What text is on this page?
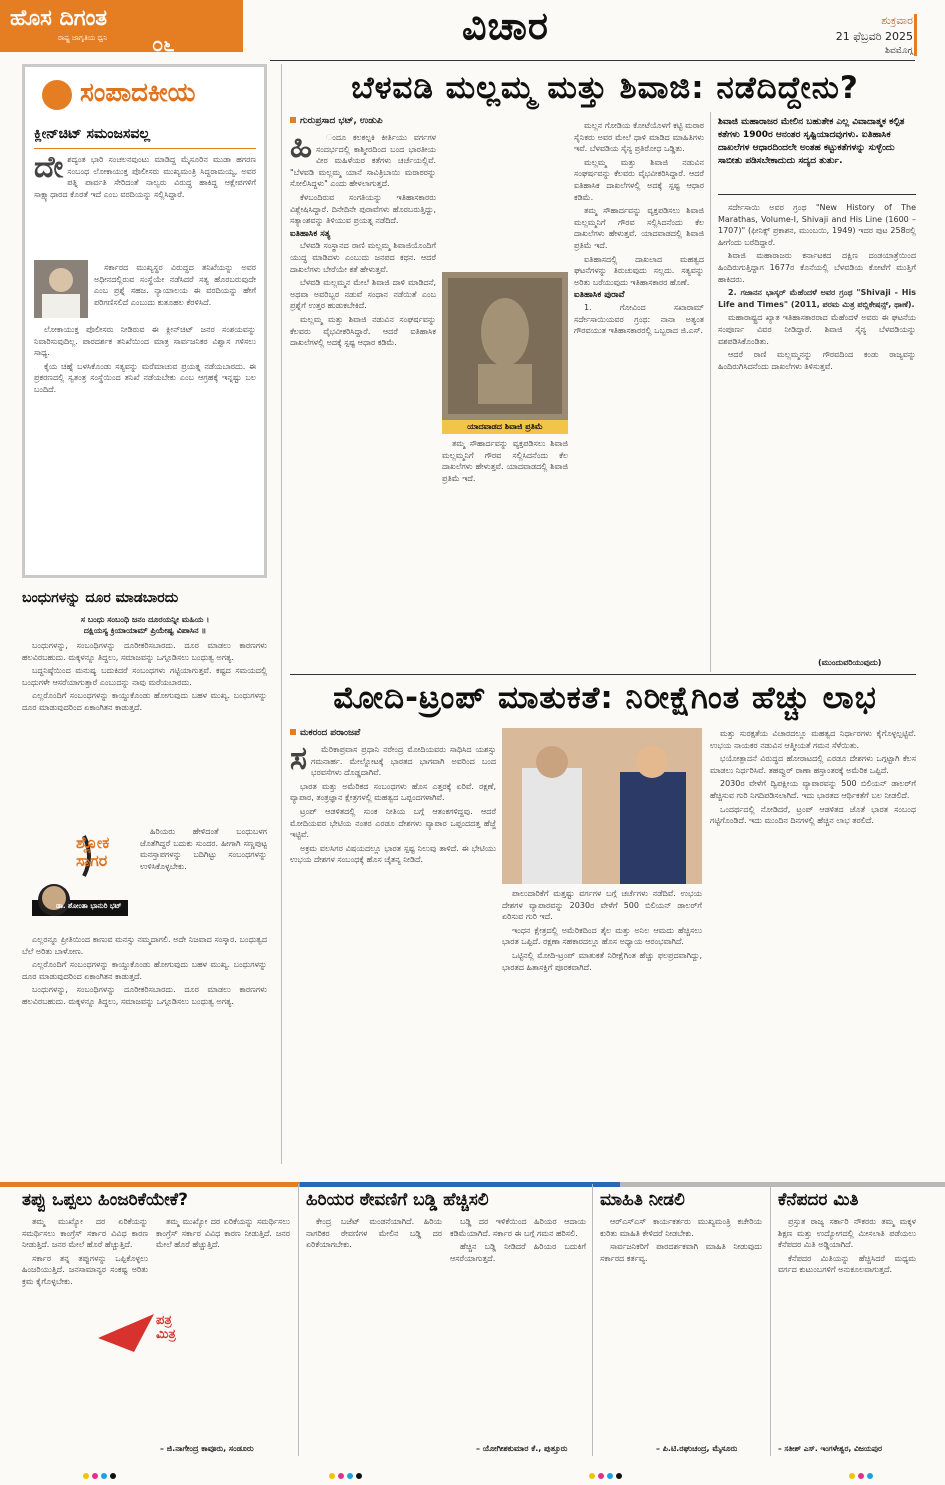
ಹೊಸ ದಿಗಂತ
ರಾಷ್ಟ್ರ ಜಾಗೃತಿಯ ಧ್ವನಿ ೦೬	ವಿಚಾರ	ಶುಕ್ರವಾರ
21 ಫೆಬ್ರವರಿ 2025
ಶಿವಮೊಗ್ಗ
ಸಂಪಾದಕೀಯ
ಕ್ಲೀನ್‌ಚಿಟ್ ಸಮಂಜಸವಲ್ಲ
ದೇ ಶದ್ಯಂತ ಭಾರಿ ಸಂಚಲನವುಂಟು ಮಾಡಿದ್ದ ಮೈಸೂರಿನ ಮುಡಾ ಹಗರಣ ಸಂಬಂಧ ಲೋಕಾಯುಕ್ತ ಪೊಲೀಸರು ಮುಖ್ಯಮಂತ್ರಿ ಸಿದ್ದರಾಮಯ್ಯ, ಅವರ ಪತ್ನಿ ಪಾರ್ವತಿ ಸೇರಿದಂತೆ ನಾಲ್ವರು ವಿರುದ್ಧ ಹಾಕಿದ್ದ ಆಕ್ಷೇಪಗಳಿಗೆ ಸಾಕ್ಷ್ಯಾಧಾರದ ಕೊರತೆ ಇದೆ ಎಂಬ ವರದಿಯನ್ನು ಸಲ್ಲಿಸಿದ್ದಾರೆ.

ಸರ್ಕಾರದ ಮುಖ್ಯಸ್ಥರ ವಿರುದ್ಧದ ತನಿಖೆಯನ್ನು ಅವರ ಅಧೀನದಲ್ಲಿರುವ ಸಂಸ್ಥೆಯೇ ನಡೆಸಿದರೆ ಸತ್ಯ ಹೊರಬರುವುದೇ ಎಂಬ ಪ್ರಶ್ನೆ ಸಹಜ. ನ್ಯಾಯಾಲಯ ಈ ವರದಿಯನ್ನು ಹೇಗೆ ಪರಿಗಣಿಸಲಿದೆ ಎಂಬುದು ಕುತೂಹಲ ಕೆರಳಿಸಿದೆ.

ಲೋಕಾಯುಕ್ತ ಪೊಲೀಸರು ನೀಡಿರುವ ಈ ಕ್ಲೀನ್‌ಚಿಟ್ ಜನರ ಸಂಶಯವನ್ನು ನಿವಾರಿಸುವುದಿಲ್ಲ. ಪಾರದರ್ಶಕ ತನಿಖೆಯಿಂದ ಮಾತ್ರ ಸಾರ್ವಜನಿಕರ ವಿಶ್ವಾಸ ಗಳಿಸಲು ಸಾಧ್ಯ.

ಕೈಯ ಚಿಹ್ನೆ ಬಳಸಿಕೊಂಡು ಸತ್ಯವನ್ನು ಮರೆಮಾಚುವ ಪ್ರಯತ್ನ ನಡೆಯಬಾರದು. ಈ ಪ್ರಕರಣದಲ್ಲಿ ಸ್ವತಂತ್ರ ಸಂಸ್ಥೆಯಿಂದ ತನಿಖೆ ನಡೆಯಬೇಕು ಎಂಬ ಆಗ್ರಹಕ್ಕೆ ಇನ್ನಷ್ಟು ಬಲ ಬಂದಿದೆ.

ಬಂಧುಗಳನ್ನು ದೂರ ಮಾಡಬಾರದು
ಸ ಬಂಧು ಸಂಬಂಧಿ ಜನಂ ದೂರಯನ್ನೀ ಮಹಿಯ ।
ದಕ್ಷಿಯಸ್ಯ ಕ್ರಿಯಾಯಾಮ್ ಪ್ರಿಯೇಷ್ವ ವಿಪಾಸಿನ ॥

ಬಂಧುಗಳನ್ನು, ಸಂಬಂಧಿಗಳನ್ನು ದೂರೀಕರಿಸಬಾರದು. ದೂರ ಮಾಡಲು ಕಾರಣಗಳು ಹಲವಿರಬಹುದು. ಮಕ್ಕಳನ್ನೂ ತಿದ್ದಲು, ಸಮಾಜವನ್ನು ಒಗ್ಗೂಡಿಸಲು ಬಂಧುತ್ವ ಅಗತ್ಯ.

ಬದ್ಧನಿಷ್ಠೆಯಿಂದ ಮನುಷ್ಯ ಬದುಕಿದರೆ ಸಂಬಂಧಗಳು ಗಟ್ಟಿಯಾಗುತ್ತವೆ. ಕಷ್ಟದ ಸಮಯದಲ್ಲಿ ಬಂಧುಗಳೇ ಆಸರೆಯಾಗುತ್ತಾರೆ ಎಂಬುದನ್ನು ನಾವು ಮರೆಯಬಾರದು.

ಎಲ್ಲರೊಂದಿಗೆ ಸಂಬಂಧಗಳನ್ನು ಕಾಯ್ದುಕೊಂಡು ಹೋಗುವುದು ಬಹಳ ಮುಖ್ಯ. ಬಂಧುಗಳನ್ನು ದೂರ ಮಾಡುವುದರಿಂದ ಏಕಾಂಗಿತನ ಕಾಡುತ್ತದೆ.

ಶ್ಲೋಕ ಸಾಗರ
ಡಾ. ಶೋಂತಾ ಭಾನುರಿ ಭಟ್

ಹಿರಿಯರು ಹೇಳಿದಂತೆ ಬಂಧುಬಳಗ ಜೊತೆಗಿದ್ದರೆ ಬದುಕು ಸುಂದರ. ಹೀಗಾಗಿ ಸಣ್ಣಪುಟ್ಟ ಮನಸ್ತಾಪಗಳನ್ನು ಬದಿಗಿಟ್ಟು ಸಂಬಂಧಗಳನ್ನು ಉಳಿಸಿಕೊಳ್ಳಬೇಕು.

ಎಲ್ಲರನ್ನೂ ಪ್ರೀತಿಯಿಂದ ಕಾಣುವ ಮನಸ್ಸು ನಮ್ಮದಾಗಲಿ. ಅದೇ ನಿಜವಾದ ಸಂಸ್ಕಾರ. ಬಂಧುತ್ವದ ಬೆಲೆ ಅರಿತು ಬಾಳೋಣ.

ಎಲ್ಲರೊಂದಿಗೆ ಸಂಬಂಧಗಳನ್ನು ಕಾಯ್ದುಕೊಂಡು ಹೋಗುವುದು ಬಹಳ ಮುಖ್ಯ. ಬಂಧುಗಳನ್ನು ದೂರ ಮಾಡುವುದರಿಂದ ಏಕಾಂಗಿತನ ಕಾಡುತ್ತದೆ.

ಬಂಧುಗಳನ್ನು, ಸಂಬಂಧಿಗಳನ್ನು ದೂರೀಕರಿಸಬಾರದು. ದೂರ ಮಾಡಲು ಕಾರಣಗಳು ಹಲವಿರಬಹುದು. ಮಕ್ಕಳನ್ನೂ ತಿದ್ದಲು, ಸಮಾಜವನ್ನು ಒಗ್ಗೂಡಿಸಲು ಬಂಧುತ್ವ ಅಗತ್ಯ.

ಬೆಳವಡಿ ಮಲ್ಲಮ್ಮ ಮತ್ತು ಶಿವಾಜಿ: ನಡೆದಿದ್ದೇನು?
ಗುರುಪ್ರಸಾದ ಭಟ್, ಉಡುಪಿ
ಹಿ	ಂದೂ ಕಲಕಲ್ಪಕಿ ಕೀರ್ತಿಯು ವರ್ಗಗಳ ಸಂದರ್ಭದಲ್ಲಿ ಕಾಶ್ಮೀರದಿಂದ ಬಂದ ಭಾರತೀಯ ವೀರ ಮಹಿಳೆಯರ ಕತೆಗಳು ಚರ್ಚೆಯಲ್ಲಿವೆ. "ಬೆಳವಡಿ ಮಲ್ಲಮ್ಮ ಯಾನೆ ಸಾವಿತ್ರಿಬಾಯಿ ಮರಾಠರನ್ನು ಸೋಲಿಸಿದ್ದಳು" ಎಂದು ಹೇಳಲಾಗುತ್ತದೆ.

ಕೆಳಬಂದಿರುವ ಸಂಗತಿಯನ್ನು ಇತಿಹಾಸಕಾರರು ವಿಶ್ಲೇಷಿಸಿದ್ದಾರೆ. ದಿನೇದಿನೇ ಪುರಾವೆಗಳು ಹೊರಬರುತ್ತಿದ್ದು, ಸತ್ಯಾಂಶವನ್ನು ತಿಳಿಯುವ ಪ್ರಯತ್ನ ನಡೆದಿದೆ.

ಐತಿಹಾಸಿಕ ಸತ್ಯ

ಬೆಳವಡಿ ಸಂಸ್ಥಾನದ ರಾಣಿ ಮಲ್ಲಮ್ಮ ಶಿವಾಜಿಯೊಂದಿಗೆ ಯುದ್ಧ ಮಾಡಿದಳು ಎಂಬುದು ಜನಪದ ಕಥನ. ಆದರೆ ದಾಖಲೆಗಳು ಬೇರೆಯೇ ಕತೆ ಹೇಳುತ್ತವೆ.

ಬೆಳವಡಿ ಮಲ್ಲಮ್ಮನ ಮೇಲೆ ಶಿವಾಜಿ ದಾಳಿ ಮಾಡಿದನೆ, ಅಥವಾ ಅವರಿಬ್ಬರ ನಡುವೆ ಸಂಧಾನ ನಡೆಯಿತೆ ಎಂಬ ಪ್ರಶ್ನೆಗೆ ಉತ್ತರ ಹುಡುಕಬೇಕಿದೆ.

ಮಲ್ಲಮ್ಮ ಮತ್ತು ಶಿವಾಜಿ ನಡುವಿನ ಸಂಘರ್ಷವನ್ನು ಕೆಲವರು ವೈಭವೀಕರಿಸಿದ್ದಾರೆ. ಆದರೆ ಐತಿಹಾಸಿಕ ದಾಖಲೆಗಳಲ್ಲಿ ಅದಕ್ಕೆ ಸ್ಪಷ್ಟ ಆಧಾರ ಕಡಿಮೆ.

ಯಾದವಾಡದ ಶಿವಾಜಿ ಪ್ರತಿಮೆ

ತಮ್ಮ ಸೌಹಾರ್ದವನ್ನು ವ್ಯಕ್ತಪಡಿಸಲು ಶಿವಾಜಿ ಮಲ್ಲಮ್ಮನಿಗೆ ಗೌರವ ಸಲ್ಲಿಸಿದನೆಂದು ಕೆಲ ದಾಖಲೆಗಳು ಹೇಳುತ್ತವೆ. ಯಾದವಾಡದಲ್ಲಿ ಶಿವಾಜಿ ಪ್ರತಿಮೆ ಇದೆ.

ಮಲ್ಲನ ಗೋಡಿಯ ಕೋಟೆಯೊಳಗೆ ಕಟ್ಟಿ ಮರಾಠ ಸೈನಿಕರು ಅವರ ಮೇಲೆ ಧಾಳಿ ಮಾಡಿದ ಮಾಹಿತಿಗಳು ಇವೆ. ಬೆಳವಡಿಯ ಸೈನ್ಯ ಪ್ರತಿರೋಧ ಒಡ್ಡಿತು.

ಮಲ್ಲಮ್ಮ ಮತ್ತು ಶಿವಾಜಿ ನಡುವಿನ ಸಂಘರ್ಷವನ್ನು ಕೆಲವರು ವೈಭವೀಕರಿಸಿದ್ದಾರೆ. ಆದರೆ ಐತಿಹಾಸಿಕ ದಾಖಲೆಗಳಲ್ಲಿ ಅದಕ್ಕೆ ಸ್ಪಷ್ಟ ಆಧಾರ ಕಡಿಮೆ.

ತಮ್ಮ ಸೌಹಾರ್ದವನ್ನು ವ್ಯಕ್ತಪಡಿಸಲು ಶಿವಾಜಿ ಮಲ್ಲಮ್ಮನಿಗೆ ಗೌರವ ಸಲ್ಲಿಸಿದನೆಂದು ಕೆಲ ದಾಖಲೆಗಳು ಹೇಳುತ್ತವೆ. ಯಾದವಾಡದಲ್ಲಿ ಶಿವಾಜಿ ಪ್ರತಿಮೆ ಇದೆ.

ಐತಿಹಾಸದಲ್ಲಿ ದಾಖಲಾದ ಮಹತ್ವದ ಘಟನೆಗಳನ್ನು ತಿರುಚುವುದು ಸಲ್ಲದು. ಸತ್ಯವನ್ನು ಅರಿತು ಬರೆಯುವುದು ಇತಿಹಾಸಕಾರರ ಹೊಣೆ.

ಐತಿಹಾಸಿಕ ಪುರಾವೆ

1. ಗೋವಿಂದ ಸಖಾರಾಮ್ ಸರ್ದೇಸಾಯಿಯವರ ಗ್ರಂಥ: ನಾನಾ ಅತ್ಯಂತ ಗೌರವಯುತ ಇತಿಹಾಸಕಾರರಲ್ಲಿ ಒಬ್ಬರಾದ ಜಿ.ಎಸ್.

ಶಿವಾಜಿ ಮಹಾರಾಜರ ಮೇಲಿನ ಬಹುತೇಕ ಎಲ್ಲ ವಿವಾದಾತ್ಮಕ ಕಲ್ಪಿತ ಕತೆಗಳು 1900ರ ಆನಂತರ ಸೃಷ್ಟಿಯಾದವುಗಳು. ಐತಿಹಾಸಿಕ ದಾಖಲೆಗಳ ಆಧಾರದಿಂದಲೇ ಅಂತಹ ಕಟ್ಟುಕತೆಗಳನ್ನು ಸುಳ್ಳೆಂದು ಸಾಬೀತು ಪಡಿಸಬೇಕಾದುದು ಸದ್ಯದ ತುರ್ತು.

ಸರ್ದೇಸಾಯಿ ಅವರ ಗ್ರಂಥ "New History of The Marathas, Volume-I, Shivaji and His Line (1600 – 1707)" (ಫೀನಿಕ್ಸ್ ಪ್ರಕಾಶನ, ಮುಂಬಯಿ, 1949) ಇದರ ಪುಟ 258ರಲ್ಲಿ ಹೀಗೆಂದು ಬರೆದಿದ್ದಾರೆ.

ಶಿವಾಜಿ ಮಹಾರಾಜರು ಕರ್ನಾಟಕದ ದಕ್ಷಿಣ ದಂಡಯಾತ್ರೆಯಿಂದ ಹಿಂದಿರುಗುತ್ತಿದ್ದಾಗ 1677ರ ಕೊನೆಯಲ್ಲಿ ಬೆಳವಡಿಯ ಕೋಟೆಗೆ ಮುತ್ತಿಗೆ ಹಾಕಿದರು.

2. ಗಜಾನನ ಭಾಸ್ಕರ್ ಮೆಹೆಂದಳೆ ಅವರ ಗ್ರಂಥ "Shivaji - His Life and Times" (2011, ಪರಮ ಮಿತ್ರ ಪಬ್ಲಿಕೇಷನ್ಸ್, ಥಾಣೆ).

ಮಹಾರಾಷ್ಟ್ರದ ಖ್ಯಾತ ಇತಿಹಾಸಕಾರರಾದ ಮೆಹೆಂದಳೆ ಅವರು ಈ ಘಟನೆಯ ಸಂಪೂರ್ಣ ವಿವರ ನೀಡಿದ್ದಾರೆ. ಶಿವಾಜಿ ಸೈನ್ಯ ಬೆಳವಡಿಯನ್ನು ವಶಪಡಿಸಿಕೊಂಡಿತು.

ಆದರೆ ರಾಣಿ ಮಲ್ಲಮ್ಮನನ್ನು ಗೌರವದಿಂದ ಕಂಡು ರಾಜ್ಯವನ್ನು ಹಿಂದಿರುಗಿಸಿದನೆಂದು ದಾಖಲೆಗಳು ತಿಳಿಸುತ್ತವೆ.

(ಮುಂದುವರಿಯುವುದು)
ಮೋದಿ-ಟ್ರಂಪ್ ಮಾತುಕತೆ: ನಿರೀಕ್ಷೆಗಿಂತ ಹೆಚ್ಚು ಲಾಭ
ಮಕರಂದ ಪರಾಂಜಪೆ
ಸ	ಮೆರಿಕಾಪ್ರವಾಸ ಪ್ರಧಾನಿ ನರೇಂದ್ರ ಮೋದಿಯವರು ಸಾಧಿಸಿದ ಯಶಸ್ಸು ಗಮನಾರ್ಹ. ಮೇಲ್ನೋಟಕ್ಕೆ ಭಾರತದ ಭಾಗವಾಗಿ ಅವರಿಂದ ಬಂದ ಭರವಸೆಗಳು ದೊಡ್ಡದಾಗಿವೆ.

ಭಾರತ ಮತ್ತು ಅಮೆರಿಕದ ಸಂಬಂಧಗಳು ಹೊಸ ಎತ್ತರಕ್ಕೆ ಏರಿವೆ. ರಕ್ಷಣೆ, ವ್ಯಾಪಾರ, ತಂತ್ರಜ್ಞಾನ ಕ್ಷೇತ್ರಗಳಲ್ಲಿ ಮಹತ್ವದ ಒಪ್ಪಂದಗಳಾಗಿವೆ.

ಟ್ರಂಪ್ ಆಡಳಿತದಲ್ಲಿ ಸುಂಕ ನೀತಿಯ ಬಗ್ಗೆ ಆತಂಕಗಳಿದ್ದವು. ಆದರೆ ಮೋದಿಯವರ ಭೇಟಿಯ ನಂತರ ಎರಡೂ ದೇಶಗಳು ವ್ಯಾಪಾರ ಒಪ್ಪಂದದತ್ತ ಹೆಜ್ಜೆ ಇಟ್ಟಿವೆ.

ಅಕ್ರಮ ವಲಸಿಗರ ವಿಷಯದಲ್ಲೂ ಭಾರತ ಸ್ಪಷ್ಟ ನಿಲುವು ತಾಳಿದೆ. ಈ ಭೇಟಿಯು ಉಭಯ ದೇಶಗಳ ಸಂಬಂಧಕ್ಕೆ ಹೊಸ ಚೈತನ್ಯ ನೀಡಿದೆ.

ಪಾಲುದಾರಿಕೆಗೆ ಮತ್ತಷ್ಟು ವರ್ಗಗಳ ಬಗ್ಗೆ ಚರ್ಚೆಗಳು ನಡೆದಿವೆ. ಉಭಯ ದೇಶಗಳ ವ್ಯಾಪಾರವನ್ನು 2030ರ ವೇಳೆಗೆ 500 ಬಿಲಿಯನ್ ಡಾಲರ್‌ಗೆ ಏರಿಸುವ ಗುರಿ ಇದೆ.

ಇಂಧನ ಕ್ಷೇತ್ರದಲ್ಲಿ ಅಮೆರಿಕದಿಂದ ತೈಲ ಮತ್ತು ಅನಿಲ ಆಮದು ಹೆಚ್ಚಿಸಲು ಭಾರತ ಒಪ್ಪಿದೆ. ರಕ್ಷಣಾ ಸಹಕಾರದಲ್ಲೂ ಹೊಸ ಅಧ್ಯಾಯ ಆರಂಭವಾಗಿದೆ.

ಒಟ್ಟಿನಲ್ಲಿ ಮೋದಿ-ಟ್ರಂಪ್ ಮಾತುಕತೆ ನಿರೀಕ್ಷೆಗಿಂತ ಹೆಚ್ಚು ಫಲಪ್ರದವಾಗಿದ್ದು, ಭಾರತದ ಹಿತಾಸಕ್ತಿಗೆ ಪೂರಕವಾಗಿದೆ.

ಮತ್ತು ಸುರಕ್ಷತೆಯ ವಿಚಾರದಲ್ಲೂ ಮಹತ್ವದ ನಿರ್ಧಾರಗಳು ಕೈಗೊಳ್ಳಲ್ಪಟ್ಟಿವೆ. ಉಭಯ ನಾಯಕರ ನಡುವಿನ ಆತ್ಮೀಯತೆ ಗಮನ ಸೆಳೆಯಿತು.

ಭಯೋತ್ಪಾದನೆ ವಿರುದ್ಧದ ಹೋರಾಟದಲ್ಲಿ ಎರಡೂ ದೇಶಗಳು ಒಗ್ಗಟ್ಟಾಗಿ ಕೆಲಸ ಮಾಡಲು ನಿರ್ಧರಿಸಿವೆ. ತಹವ್ವುರ್ ರಾಣಾ ಹಸ್ತಾಂತರಕ್ಕೆ ಅಮೆರಿಕ ಒಪ್ಪಿದೆ.

2030ರ ವೇಳೆಗೆ ದ್ವಿಪಕ್ಷೀಯ ವ್ಯಾಪಾರವನ್ನು 500 ಬಿಲಿಯನ್ ಡಾಲರ್‌ಗೆ ಹೆಚ್ಚಿಸುವ ಗುರಿ ನಿಗದಿಪಡಿಸಲಾಗಿದೆ. ಇದು ಭಾರತದ ಆರ್ಥಿಕತೆಗೆ ಬಲ ನೀಡಲಿದೆ.

ಒಂದರ್ಥದಲ್ಲಿ ನೋಡಿದರೆ, ಟ್ರಂಪ್ ಆಡಳಿತದ ಜೊತೆ ಭಾರತ ಸಂಬಂಧ ಗಟ್ಟಿಗೊಂಡಿದೆ. ಇದು ಮುಂದಿನ ದಿನಗಳಲ್ಲಿ ಹೆಚ್ಚಿನ ಲಾಭ ತರಲಿದೆ.

ತಪ್ಪು ಒಪ್ಪಲು ಹಿಂಜರಿಕೆಯೇಕೆ?

ತಮ್ಮ ಮುಖ್ಯೋ ದರ ಏರಿಕೆಯನ್ನು ಸಮರ್ಥಿಸಲು ಕಾಂಗ್ರೆಸ್ ಸರ್ಕಾರ ವಿವಿಧ ಕಾರಣ ನೀಡುತ್ತಿದೆ. ಜನರ ಮೇಲೆ ಹೊರೆ ಹೆಚ್ಚುತ್ತಿದೆ.

ಸರ್ಕಾರ ತನ್ನ ತಪ್ಪುಗಳನ್ನು ಒಪ್ಪಿಕೊಳ್ಳಲು ಹಿಂಜರಿಯುತ್ತಿದೆ. ಜನಸಾಮಾನ್ಯರ ಸಂಕಷ್ಟ ಅರಿತು ಕ್ರಮ ಕೈಗೊಳ್ಳಬೇಕು.

ಪತ್ರ ಮಿತ್ರ

ತಮ್ಮ ಮುಖ್ಯೋ ದರ ಏರಿಕೆಯನ್ನು ಸಮರ್ಥಿಸಲು ಕಾಂಗ್ರೆಸ್ ಸರ್ಕಾರ ವಿವಿಧ ಕಾರಣ ನೀಡುತ್ತಿದೆ. ಜನರ ಮೇಲೆ ಹೊರೆ ಹೆಚ್ಚುತ್ತಿದೆ.

– ಜಿ.ನಾಗೇಂದ್ರ ಕಾವೂರು, ಸಂಡೂರು
ಹಿರಿಯರ ಠೇವಣಿಗೆ ಬಡ್ಡಿ ಹೆಚ್ಚಿಸಲಿ

ಕೇಂದ್ರ ಬಜೆಟ್ ಮಂಡನೆಯಾಗಿದೆ. ಹಿರಿಯ ನಾಗರಿಕರ ಠೇವಣಿಗಳ ಮೇಲಿನ ಬಡ್ಡಿ ದರ ಏರಿಕೆಯಾಗಬೇಕು.

ಬಡ್ಡಿ ದರ ಇಳಿಕೆಯಿಂದ ಹಿರಿಯರ ಆದಾಯ ಕಡಿಮೆಯಾಗಿದೆ. ಸರ್ಕಾರ ಈ ಬಗ್ಗೆ ಗಮನ ಹರಿಸಲಿ.

ಹೆಚ್ಚಿನ ಬಡ್ಡಿ ನೀಡಿದರೆ ಹಿರಿಯರ ಬದುಕಿಗೆ ಆಸರೆಯಾಗುತ್ತದೆ.

– ಯೋಗೀಶಕುಮಾರ ಕೆ., ಪುತ್ತೂರು
ಮಾಹಿತಿ ನೀಡಲಿ

ಆರ್‌ಎಸ್‌ಎಸ್ ಕಾರ್ಯಕರ್ತರು ಮುಖ್ಯಮಂತ್ರಿ ಕಚೇರಿಯ ಕುರಿತು ಮಾಹಿತಿ ಕೇಳಿದರೆ ನೀಡಬೇಕು.

ಸಾರ್ವಜನಿಕರಿಗೆ ಪಾರದರ್ಶಕವಾಗಿ ಮಾಹಿತಿ ನೀಡುವುದು ಸರ್ಕಾರದ ಕರ್ತವ್ಯ.

– ಪಿ.ಟಿ.ರಘುಚಂದ್ರ, ಮೈಸೂರು
ಕೆನೆಪದರ ಮಿತಿ

ಪ್ರಸ್ತುತ ರಾಜ್ಯ ಸರ್ಕಾರಿ ನೌಕರರು ತಮ್ಮ ಮಕ್ಕಳ ಶಿಕ್ಷಣ ಮತ್ತು ಉದ್ಯೋಗದಲ್ಲಿ ಮೀಸಲಾತಿ ಪಡೆಯಲು ಕೆನೆಪದರ ಮಿತಿ ಅಡ್ಡಿಯಾಗಿದೆ.

ಕೆನೆಪದರ ಮಿತಿಯನ್ನು ಹೆಚ್ಚಿಸಿದರೆ ಮಧ್ಯಮ ವರ್ಗದ ಕುಟುಂಬಗಳಿಗೆ ಅನುಕೂಲವಾಗುತ್ತದೆ.

– ಸತೀಶ್ ಎಸ್. ಇಂಗಳೇಶ್ವರ, ವಿಜಯಪುರ
